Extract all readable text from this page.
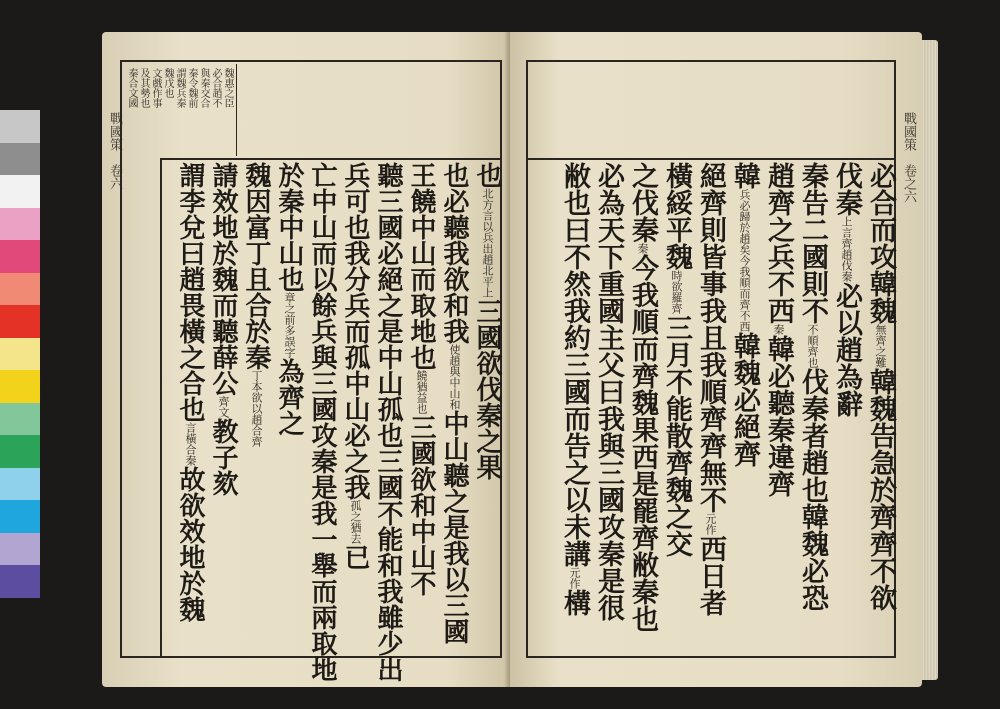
戰國策　卷六
魏惠之臣
必合趙不
與秦交合
秦令魏前
謂魏兵秦
魏戊也
文戲作事
及其勢也
秦合文國
也北方言以兵出趙北平上三國欲伐秦之果
也必聽我欲和我使趙與中山和中山聽之是我以三國
王饒中山而取地也饒猶益也三國欲和中山不
聽三國必絕之是中山孤也三國不能和我雖少出
兵可也我分兵而孤中山必之我孤之猶去已
亡中山而以餘兵與三國攻秦是我一舉而兩取地
於秦中山也章之前多誤字為齊之
魏因富丁且合於秦丁本欲以趙合齊
請效地於魏而聽薛公齊文教子欬
謂李兌曰趙畏橫之合也言橫合秦故欲效地於魏
必合而攻韓魏無齊之難韓魏告急於齊齊不欲
伐秦上言齊趙伐秦必以趙為辭
秦告二國則不不順齊也伐秦者趙也韓魏必恐
趙齊之兵不西秦韓必聽秦違齊
韓兵必歸於趙矣今我順而齊不西韓魏必絕齊
絕齊則皆事我且我順齊齊無不元作西日者
橫綏平魏時欲羅齊三月不能散齊魏之交
之伐秦秦今我順而齊魏果西是罷齊敝秦也
必為天下重國主父曰我與三國攻秦是很
敝也曰不然我約三國而告之以未講元作構
戰國策　卷之六
